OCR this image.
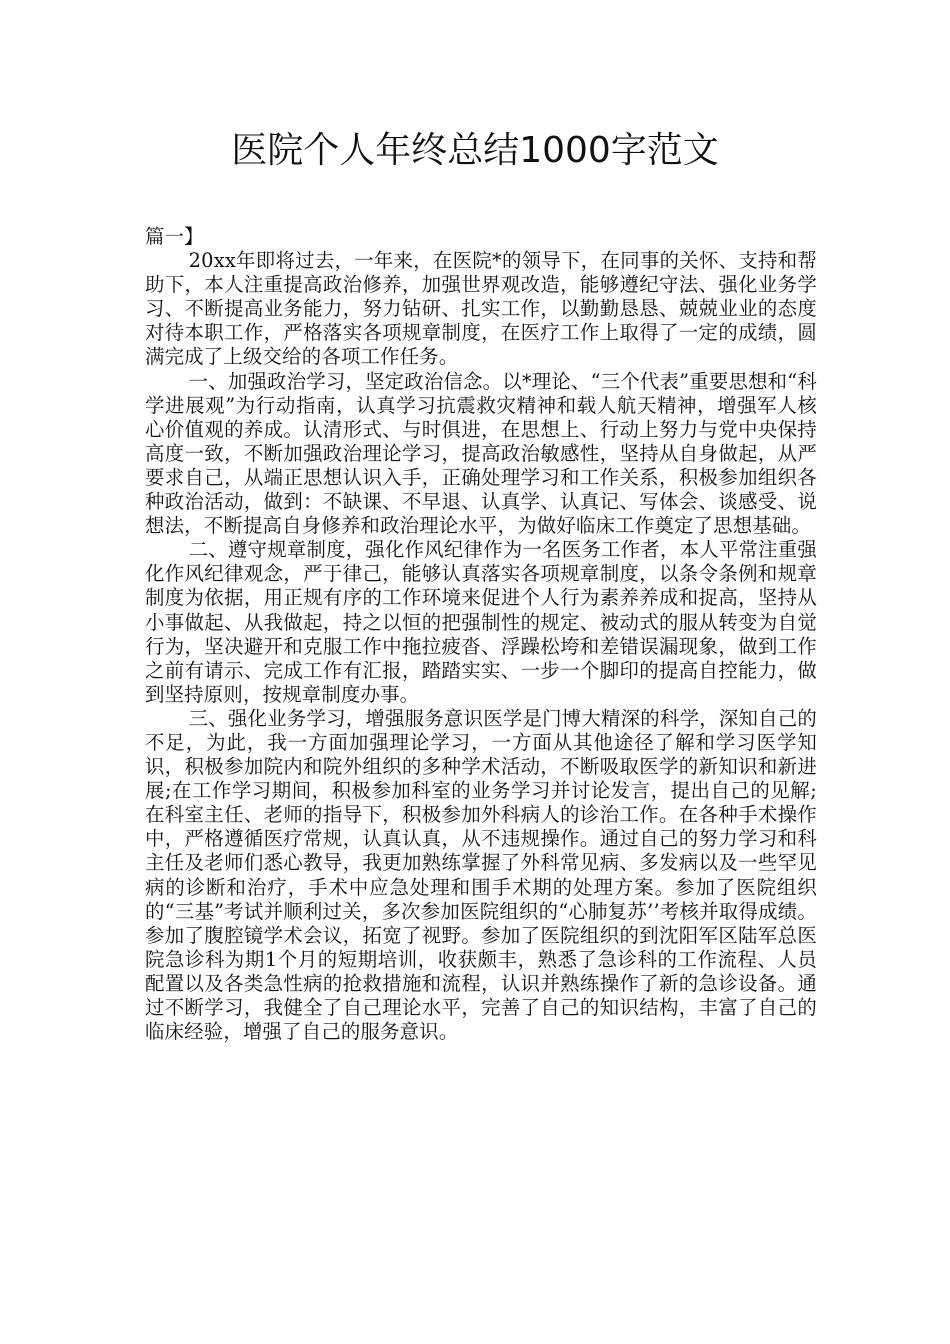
医院个人年终总结1000字范文

篇一】

20xx年即将过去，一年来，在医院*的领导下，在同事的关怀、支持和帮助下，本人注重提高政治修养，加强世界观改造，能够遵纪守法、强化业务学习、不断提高业务能力，努力钻研、扎实工作，以勤勤恳恳、兢兢业业的态度对待本职工作，严格落实各项规章制度，在医疗工作上取得了一定的成绩，圆满完成了上级交给的各项工作任务。

一、加强政治学习，坚定政治信念。以*理论、“三个代表”重要思想和“科学进展观”为行动指南，认真学习抗震救灾精神和载人航天精神，增强军人核心价值观的养成。认清形式、与时俱进，在思想上、行动上努力与党中央保持高度一致，不断加强政治理论学习，提高政治敏感性，坚持从自身做起，从严要求自己，从端正思想认识入手，正确处理学习和工作关系，积极参加组织各种政治活动，做到：不缺课、不早退、认真学、认真记、写体会、谈感受、说想法，不断提高自身修养和政治理论水平，为做好临床工作奠定了思想基础。

二、遵守规章制度，强化作风纪律作为一名医务工作者，本人平常注重强化作风纪律观念，严于律己，能够认真落实各项规章制度，以条令条例和规章制度为依据，用正规有序的工作环境来促进个人行为素养养成和捉高，坚持从小事做起、从我做起，持之以恒的把强制性的规定、被动式的服从转变为自觉行为，坚决避开和克服工作中拖拉疲沓、浮躁松垮和差错误漏现象，做到工作之前有请示、完成工作有汇报，踏踏实实、一步一个脚印的提高自控能力，做到坚持原则，按规章制度办事。

三、强化业务学习，增强服务意识医学是门博大精深的科学，深知自己的不足，为此，我一方面加强理论学习，一方面从其他途径了解和学习医学知识，积极参加院内和院外组织的多种学术活动，不断吸取医学的新知识和新进展;在工作学习期间，积极参加科室的业务学习并讨论发言，提出自己的见解;在科室主任、老师的指导下，积极参加外科病人的诊治工作。在各种手术操作中，严格遵循医疗常规，认真认真，从不违规操作。通过自己的努力学习和科主任及老师们悉心教导，我更加熟练掌握了外科常见病、多发病以及一些罕见病的诊断和治疗，手术中应急处理和围手术期的处理方案。参加了医院组织的“三基”考试并顺利过关，多次参加医院组织的“心肺复苏’’考核并取得成绩。参加了腹腔镜学术会议，拓宽了视野。参加了医院组织的到沈阳军区陆军总医院急诊科为期1个月的短期培训，收获颇丰，熟悉了急诊科的工作流程、人员配置以及各类急性病的抢救措施和流程，认识并熟练操作了新的急诊设备。通过不断学习，我健全了自己理论水平，完善了自己的知识结构，丰富了自己的临床经验，增强了自己的服务意识。
